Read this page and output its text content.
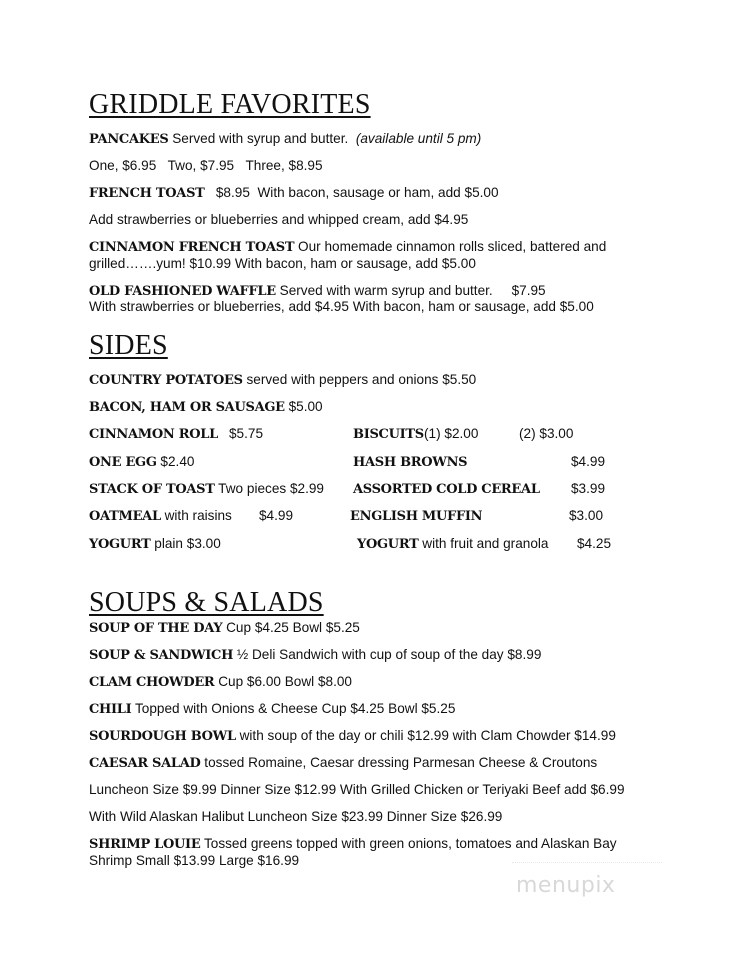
GRIDDLE FAVORITES
PANCAKES Served with syrup and butter. (available until 5 pm)
One, $6.95 Two, $7.95 Three, $8.95
FRENCH TOAST $8.95 With bacon, sausage or ham, add $5.00
Add strawberries or blueberries and whipped cream, add $4.95
CINNAMON FRENCH TOAST Our homemade cinnamon rolls sliced, battered and
grilled…….yum! $10.99 With bacon, ham or sausage, add $5.00
OLD FASHIONED WAFFLE Served with warm syrup and butter. $7.95
With strawberries or blueberries, add $4.95 With bacon, ham or sausage, add $5.00
SIDES
COUNTRY POTATOES served with peppers and onions $5.50
BACON, HAM OR SAUSAGE $5.00
CINNAMON ROLL $5.75	BISCUITS (1) $2.00	(2) $3.00
ONE EGG $2.40	HASH BROWNS	$4.99
STACK OF TOAST Two pieces $2.99 ASSORTED COLD CEREAL $3.99
OATMEAL with raisins $4.99	ENGLISH MUFFIN	$3.00
YOGURT plain $3.00	YOGURT with fruit and granola $4.25
SOUPS & SALADS
SOUP OF THE DAY Cup $4.25 Bowl $5.25
SOUP & SANDWICH ½ Deli Sandwich with cup of soup of the day $8.99
CLAM CHOWDER Cup $6.00 Bowl $8.00
CHILI Topped with Onions & Cheese Cup $4.25 Bowl $5.25
SOURDOUGH BOWL with soup of the day or chili $12.99 with Clam Chowder $14.99
CAESAR SALAD tossed Romaine, Caesar dressing Parmesan Cheese & Croutons
Luncheon Size $9.99 Dinner Size $12.99 With Grilled Chicken or Teriyaki Beef add $6.99
With Wild Alaskan Halibut Luncheon Size $23.99 Dinner Size $26.99
SHRIMP LOUIE Tossed greens topped with green onions, tomatoes and Alaskan Bay
Shrimp Small $13.99 Large $16.99
menupix
